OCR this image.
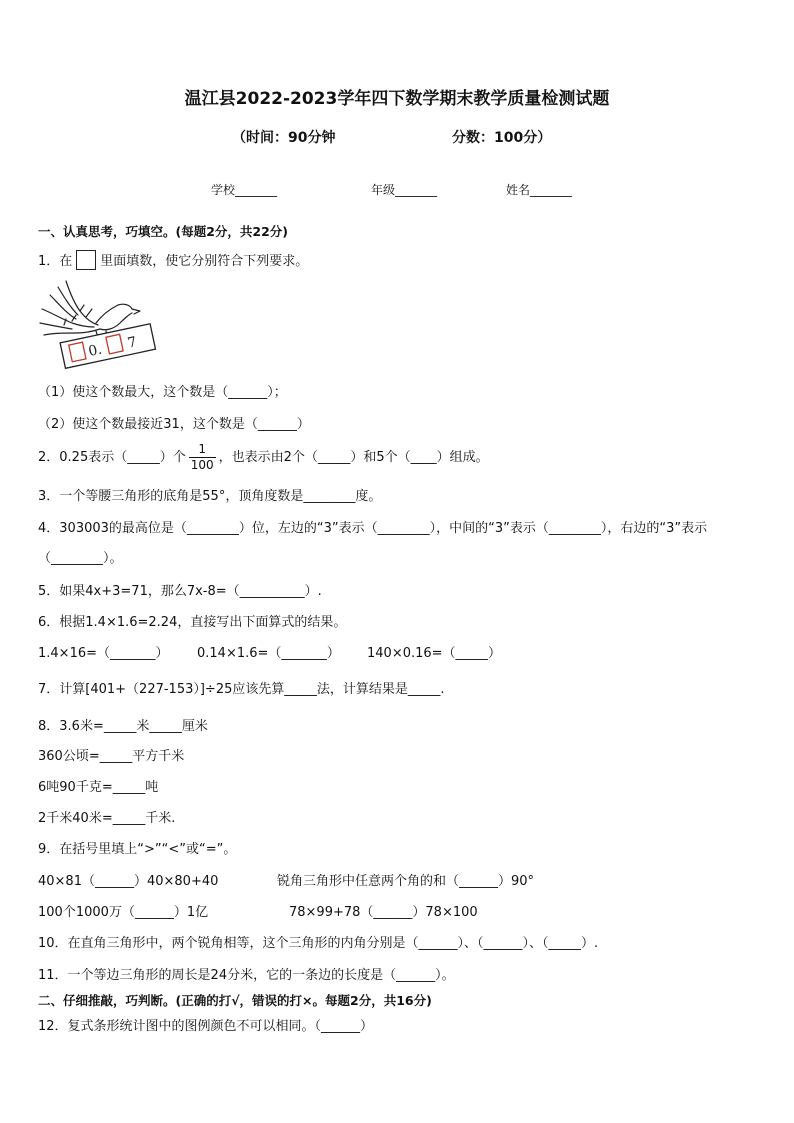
温江县2022-2023学年四下数学期末教学质量检测试题
（时间：90分钟	分数：100分）
学校_______	年级_______	姓名_______
一、认真思考，巧填空。(每题2分，共22分)
1．在 里面填数，使它分别符合下列要求。
0. 7
（1）使这个数最大，这个数是（______）；
（2）使这个数最接近31，这个数是（______）
2．0.25表示（_____）个 $\frac{1}{100}$ ，也表示由2个（_____）和5个（____）组成。
3．一个等腰三角形的底角是55°，顶角度数是________度。
4．303003的最高位是（________）位，左边的“3”表示（________），中间的“3”表示（________），右边的“3”表示
（________）。
5．如果4x+3=71，那么7x-8=（__________）.
6．根据1.4×1.6=2.24，直接写出下面算式的结果。
1.4×16=（_______） 0.14×1.6=（_______） 140×0.16=（_____）
7．计算[401+（227-153）]÷25应该先算_____法，计算结果是_____.
8．3.6米=_____米_____厘米
360公顷=_____平方千米
6吨90千克=_____吨
2千米40米=_____千米.
9．在括号里填上“>”“<”或“=”。
40×81（______）40×80+40	锐角三角形中任意两个角的和（______）90°
100个1000万（______）1亿	78×99+78（______）78×100
10．在直角三角形中，两个锐角相等，这个三角形的内角分别是（______）、（______）、（_____）.
11．一个等边三角形的周长是24分米，它的一条边的长度是（______）。
二、仔细推敲，巧判断。(正确的打√，错误的打×。每题2分，共16分)
12．复式条形统计图中的图例颜色不可以相同。（______）
